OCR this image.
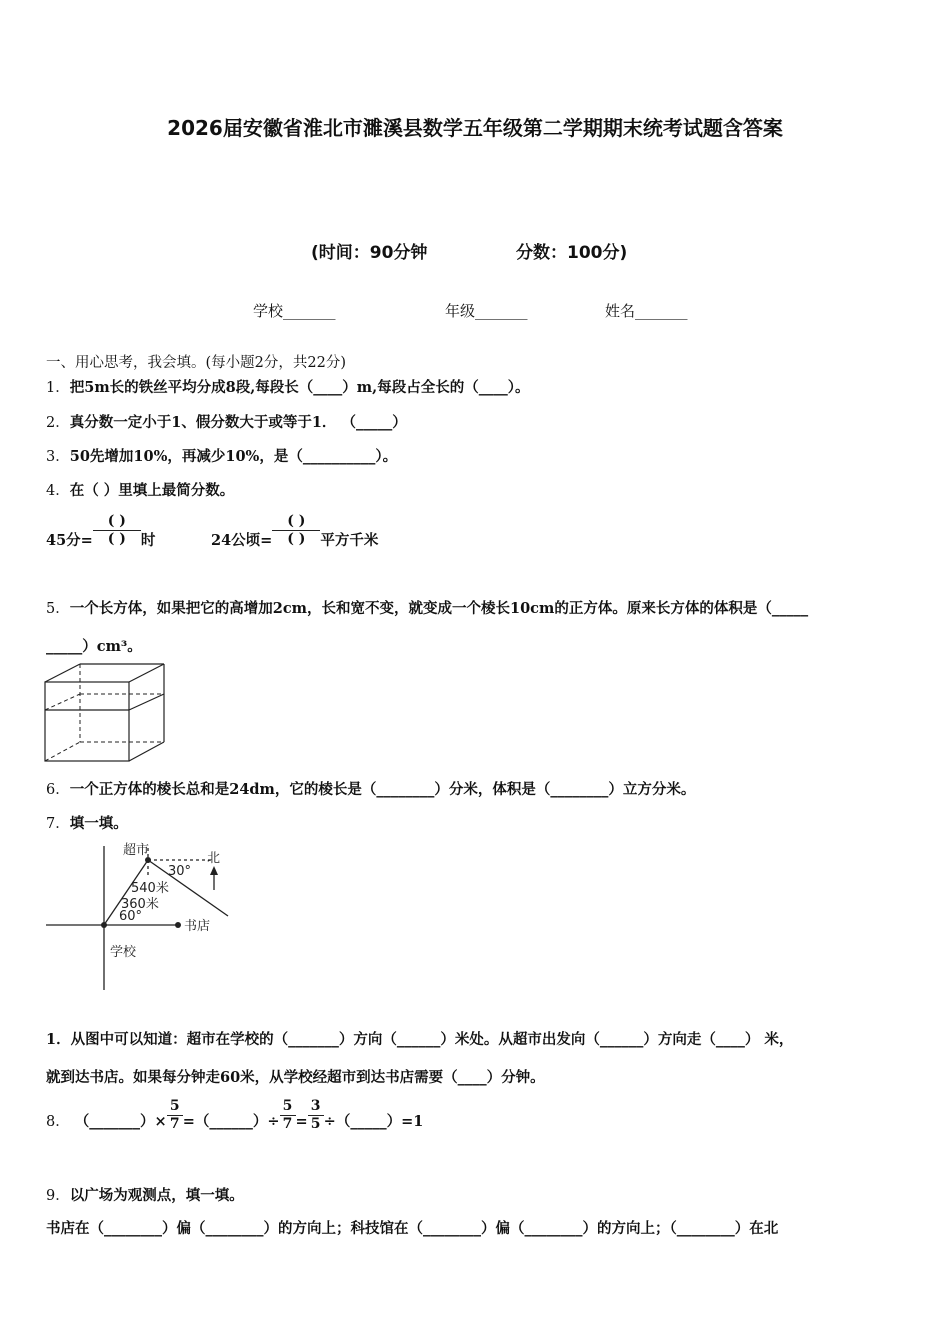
2026届安徽省淮北市濉溪县数学五年级第二学期期末统考试题含答案
(时间：90分钟	分数：100分)
学校_______	年级_______	姓名_______
一、用心思考，我会填。(每小题2分，共22分)
1．把5m长的铁丝平均分成8段,每段长（____）m,每段占全长的（____）。
2．真分数一定小于1、假分数大于或等于1． （_____）
3．50先增加10%，再减少10%，是（__________）。
4．在（ ）里填上最简分数。
45分= $\frac{( )}{( )}$ 时	24公顷= $\frac{( )}{( )}$ 平方千米
5．一个长方体，如果把它的高增加2cm，长和宽不变，就变成一个棱长10cm的正方体。原来长方体的体积是（_____
_____）cm³。
6．一个正方体的棱长总和是24dm，它的棱长是（________）分米，体积是（________）立方分米。
7．填一填。
超市
北
30°
540米
360米
60°
书店
学校
1．从图中可以知道：超市在学校的（_______）方向（______）米处。从超市出发向（______）方向走（____） 米，
就到达书店。如果每分钟走60米，从学校经超市到达书店需要（____）分钟。
8． （_______）× $\frac{5}{7}$ =（______）÷ $\frac{5}{7} = \frac{3}{5}$ ÷（_____）=1
9．以广场为观测点，填一填。
书店在（________）偏（________）的方向上；科技馆在（________）偏（________）的方向上；（________）在北
